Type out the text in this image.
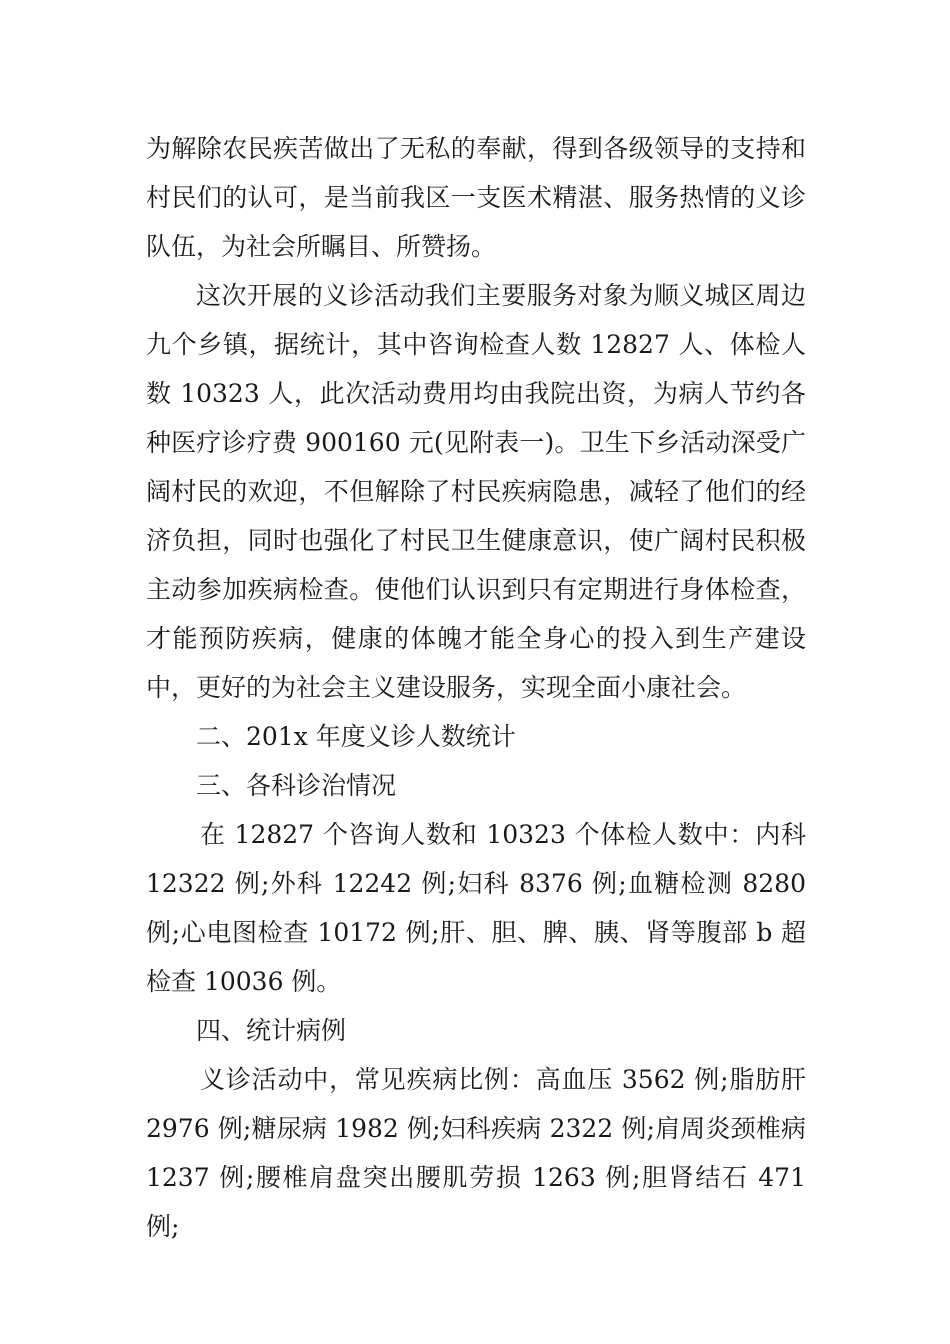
为解除农民疾苦做出了无私的奉献，得到各级领导的支持和村民们的认可，是当前我区一支医术精湛、服务热情的义诊队伍，为社会所瞩目、所赞扬。

这次开展的义诊活动我们主要服务对象为顺义城区周边九个乡镇，据统计，其中咨询检查人数 12827 人、体检人数 10323 人，此次活动费用均由我院出资，为病人节约各种医疗诊疗费 900160 元(见附表一)。卫生下乡活动深受广阔村民的欢迎，不但解除了村民疾病隐患，减轻了他们的经济负担，同时也强化了村民卫生健康意识，使广阔村民积极主动参加疾病检查。使他们认识到只有定期进行身体检查，才能预防疾病，健康的体魄才能全身心的投入到生产建设中，更好的为社会主义建设服务，实现全面小康社会。

二、201x 年度义诊人数统计

三、各科诊治情况

在 12827 个咨询人数和 10323 个体检人数中：内科 12322 例;外科 12242 例;妇科 8376 例;血糖检测 8280 例;心电图检查 10172 例;肝、胆、脾、胰、肾等腹部 b 超检查 10036 例。

四、统计病例

义诊活动中，常见疾病比例：高血压 3562 例;脂肪肝 2976 例;糖尿病 1982 例;妇科疾病 2322 例;肩周炎颈椎病 1237 例;腰椎肩盘突出腰肌劳损 1263 例;胆肾结石 471 例;
